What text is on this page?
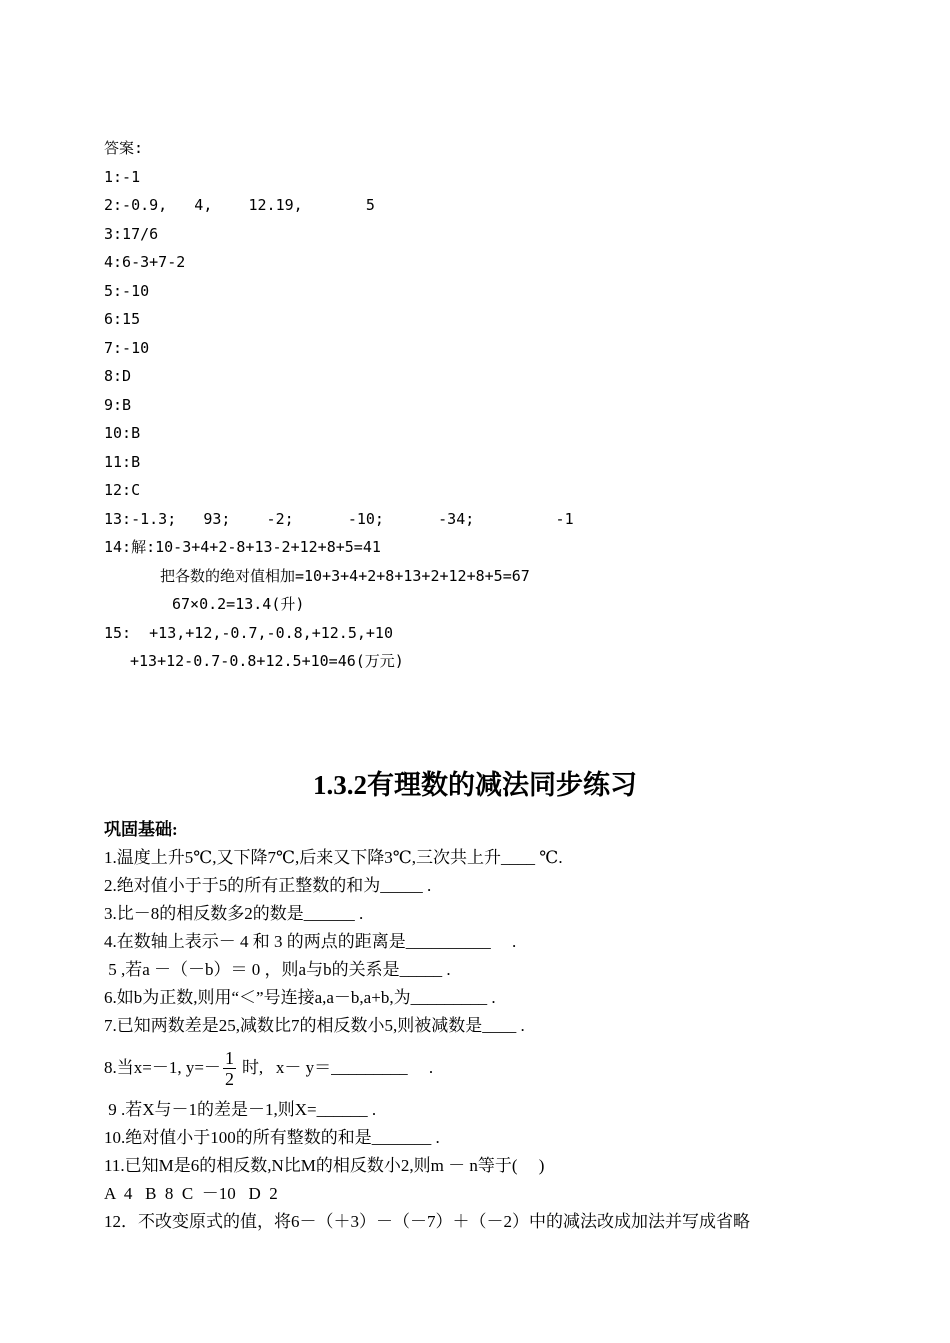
答案:
1:-1
2:-0.9,   4,    12.19,       5
3:17/6
4:6-3+7-2
5:-10
6:15
7:-10
8:D
9:B
10:B
11:B
12:C
13:-1.3;   93;    -2;      -10;      -34;         -1
14:解:10-3+4+2-8+13-2+12+8+5=41
把各数的绝对值相加=10+3+4+2+8+13+2+12+8+5=67
67×0.2=13.4(升)
15:  +13,+12,-0.7,-0.8,+12.5,+10
+13+12-0.7-0.8+12.5+10=46(万元)
1.3.2有理数的减法同步练习
巩固基础:
1.温度上升5℃,又下降7℃,后来又下降3℃,三次共上升____ ℃.
2.绝对值小于于5的所有正整数的和为_____ .
3.比－8的相反数多2的数是______ .
4.在数轴上表示－ 4 和 3 的两点的距离是__________     .
5 ,若a －（－b）＝ 0 ，则a与b的关系是_____ .
6.如b为正数,则用“＜”号连接a,a－b,a+b,为_________ .
7.已知两数差是25,减数比7的相反数小5,则被减数是____ .
8.当x=－1, $y=- \frac{1}{2}$ 时,   x－ y＝_________     .
9 .若X与－1的差是－1,则X=______ .
10.绝对值小于100的所有整数的和是_______ .
11.已知M是6的相反数,N比M的相反数小2,则m － n等于(     )
A  4   B  8  C  －10   D  2
12．不改变原式的值，将6－（＋3）－（－7）＋（－2）中的减法改成加法并写成省略
